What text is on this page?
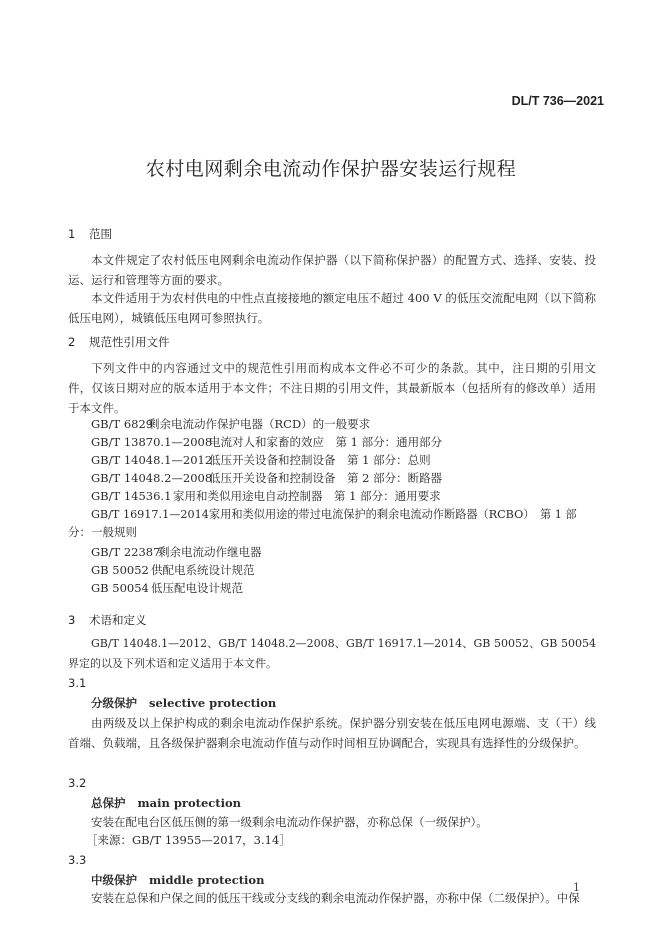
DL/T 736—2021
农村电网剩余电流动作保护器安装运行规程
1 范围

本文件规定了农村低压电网剩余电流动作保护器（以下简称保护器）的配置方式、选择、安装、投运、运行和管理等方面的要求。

本文件适用于为农村供电的中性点直接接地的额定电压不超过 400 V 的低压交流配电网（以下简称低压电网），城镇低压电网可参照执行。

2 规范性引用文件

下列文件中的内容通过文中的规范性引用而构成本文件必不可少的条款。其中，注日期的引用文件，仅该日期对应的版本适用于本文件；不注日期的引用文件，其最新版本（包括所有的修改单）适用于本文件。

GB/T 6829剩余电流动作保护电器（RCD）的一般要求
GB/T 13870.1—2008电流对人和家畜的效应　第 1 部分：通用部分
GB/T 14048.1—2012低压开关设备和控制设备　第 1 部分：总则
GB/T 14048.2—2008低压开关设备和控制设备　第 2 部分：断路器
GB/T 14536.1 家用和类似用途电自动控制器　第 1 部分：通用要求
GB/T 16917.1—2014家用和类似用途的带过电流保护的剩余电流动作断路器（RCBO）　第 1 部
分：一般规则
GB/T 22387剩余电流动作继电器
GB 50052 供配电系统设计规范
GB 50054 低压配电设计规范
3 术语和定义

GB/T 14048.1—2012、GB/T 14048.2—2008、GB/T 16917.1—2014、GB 50052、GB 50054 界定的以及下列术语和定义适用于本文件。

3.1
分级保护 selective protection

由两级及以上保护构成的剩余电流动作保护系统。保护器分别安装在低压电网电源端、支（干）线首端、负载端，且各级保护器剩余电流动作值与动作时间相互协调配合，实现具有选择性的分级保护。

3.2
总保护 main protection

安装在配电台区低压侧的第一级剩余电流动作保护器，亦称总保（一级保护）。

［来源：GB/T 13955—2017，3.14］
3.3
中级保护 middle protection

安装在总保和户保之间的低压干线或分支线的剩余电流动作保护器，亦称中保（二级保护）。中保

1
